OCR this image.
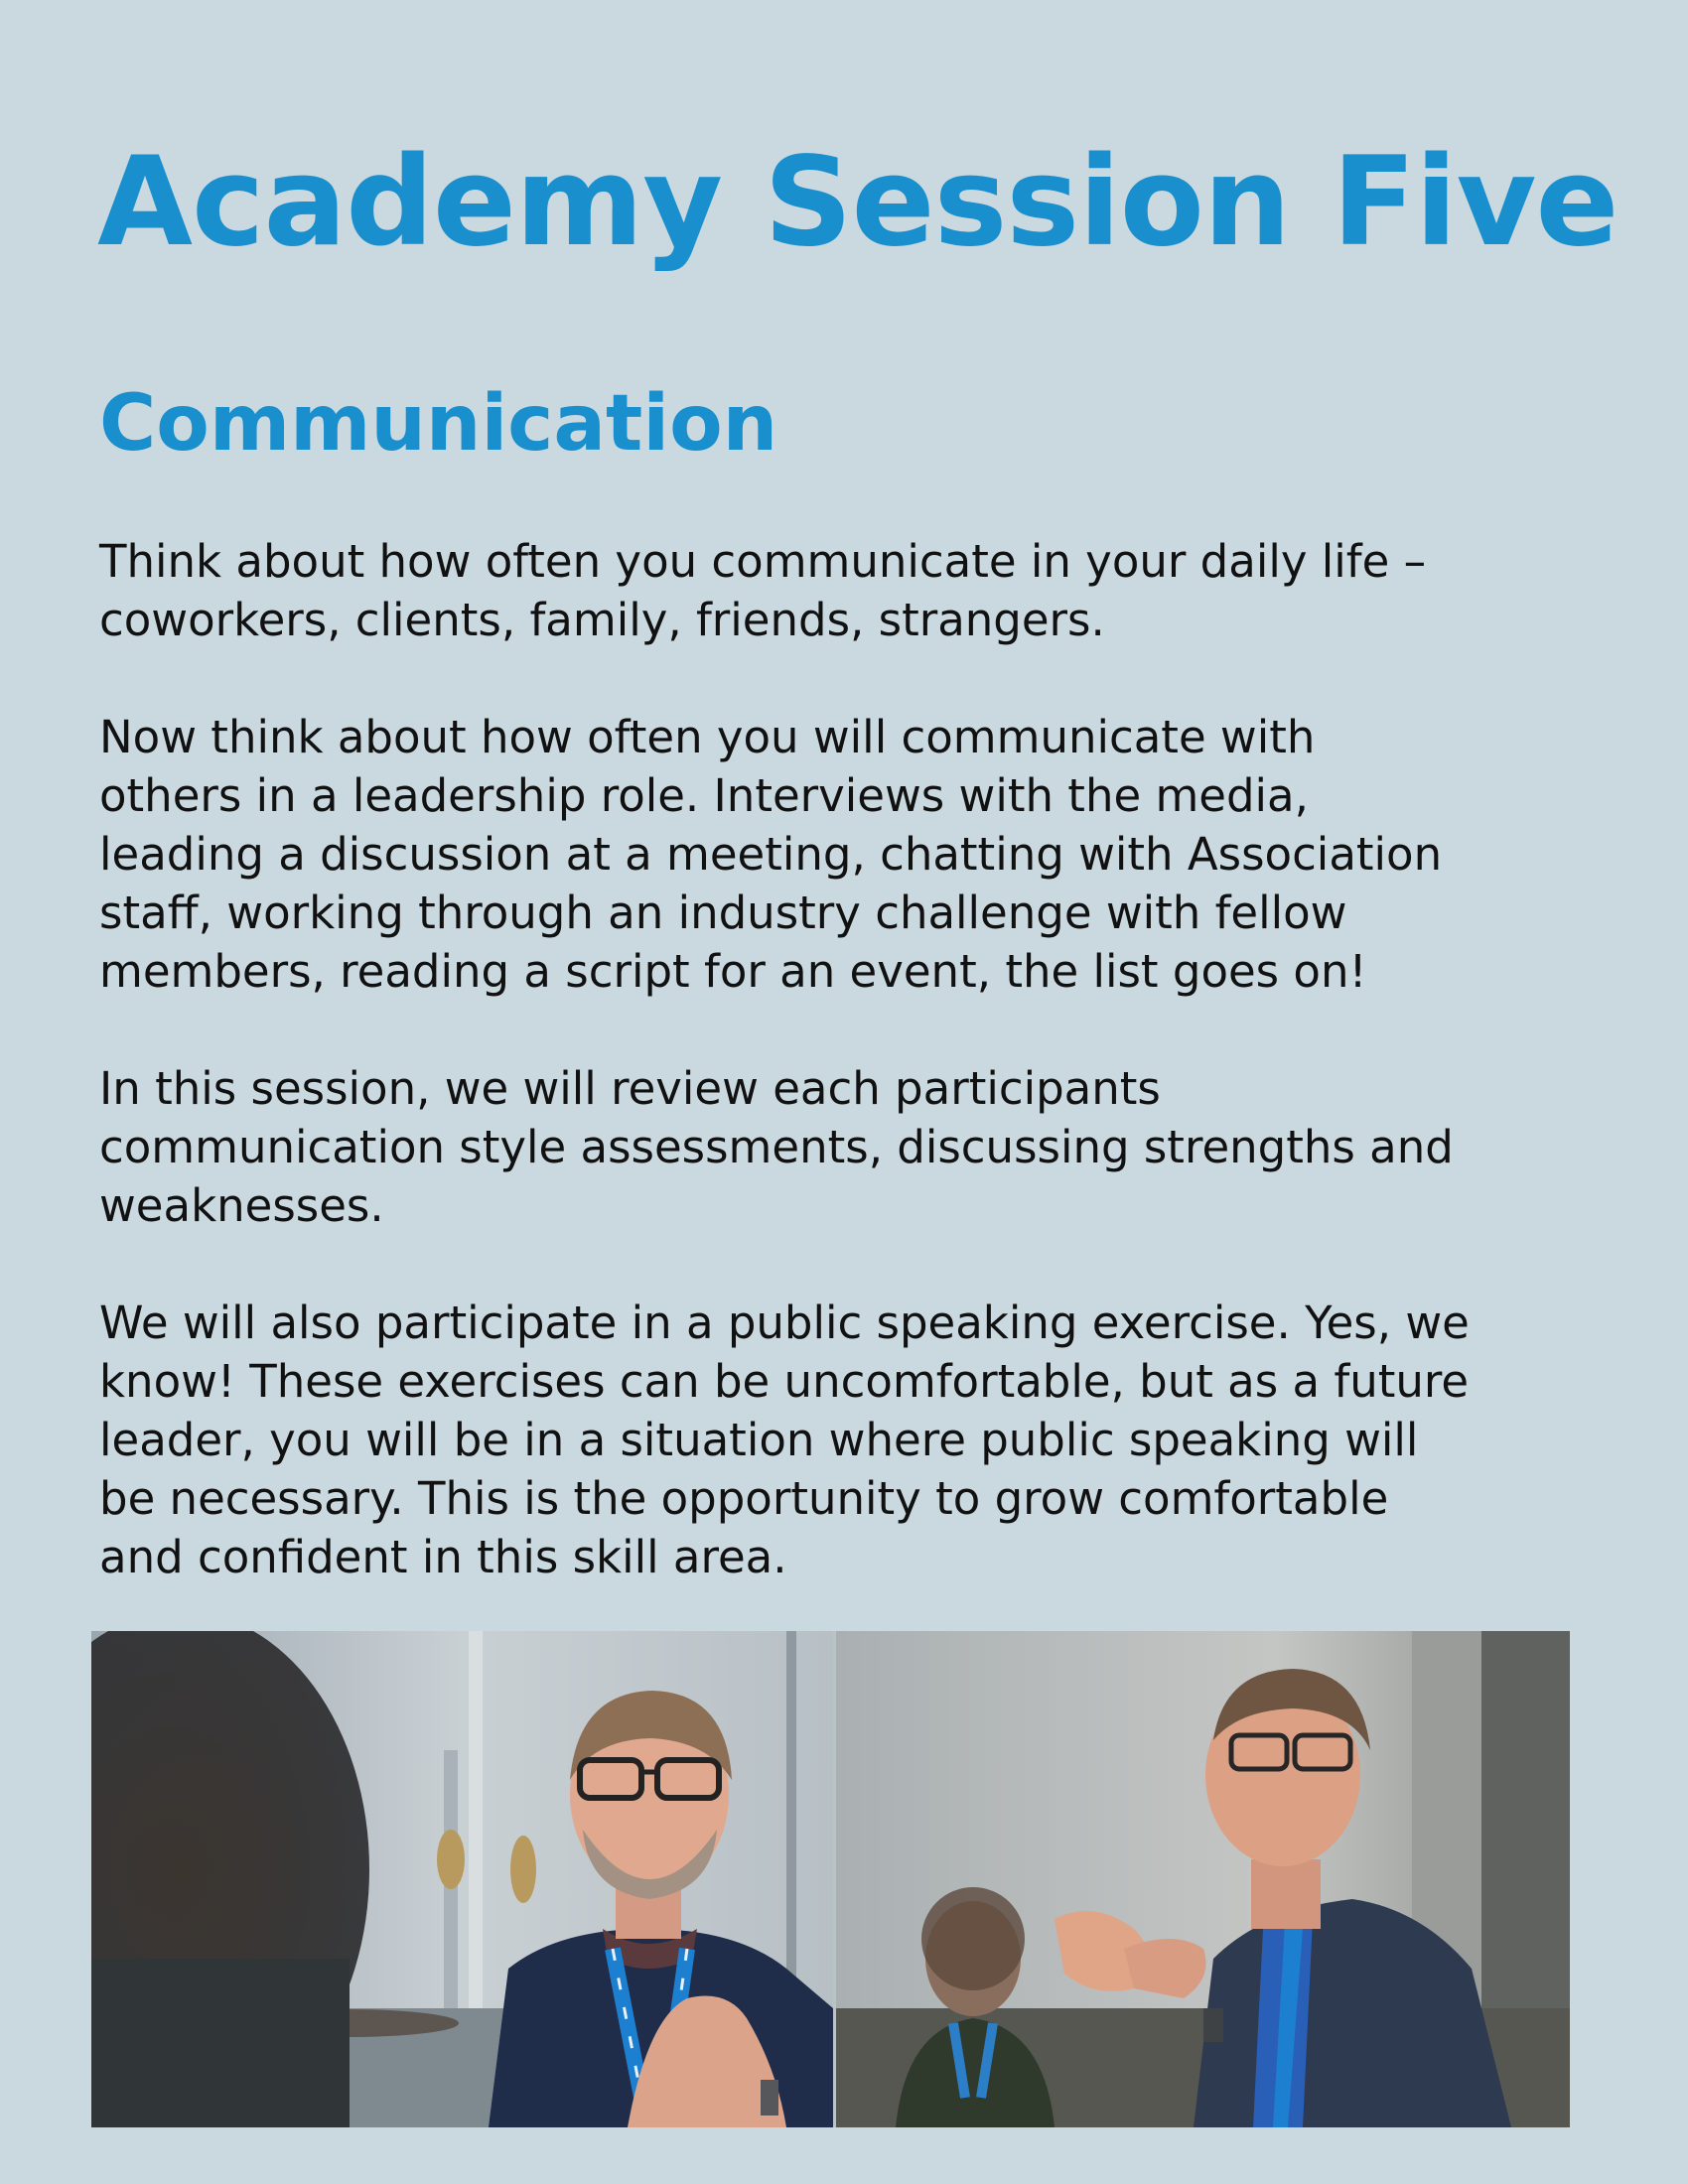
Academy Session Five
Communication

Think about how often you communicate in your daily life –
coworkers, clients, family, friends, strangers.

Now think about how often you will communicate with
others in a leadership role. Interviews with the media,
leading a discussion at a meeting, chatting with Association
staff, working through an industry challenge with fellow
members, reading a script for an event, the list goes on!

In this session, we will review each participants
communication style assessments, discussing strengths and
weaknesses.

We will also participate in a public speaking exercise. Yes, we
know! These exercises can be uncomfortable, but as a future
leader, you will be in a situation where public speaking will
be necessary. This is the opportunity to grow comfortable
and confident in this skill area.
